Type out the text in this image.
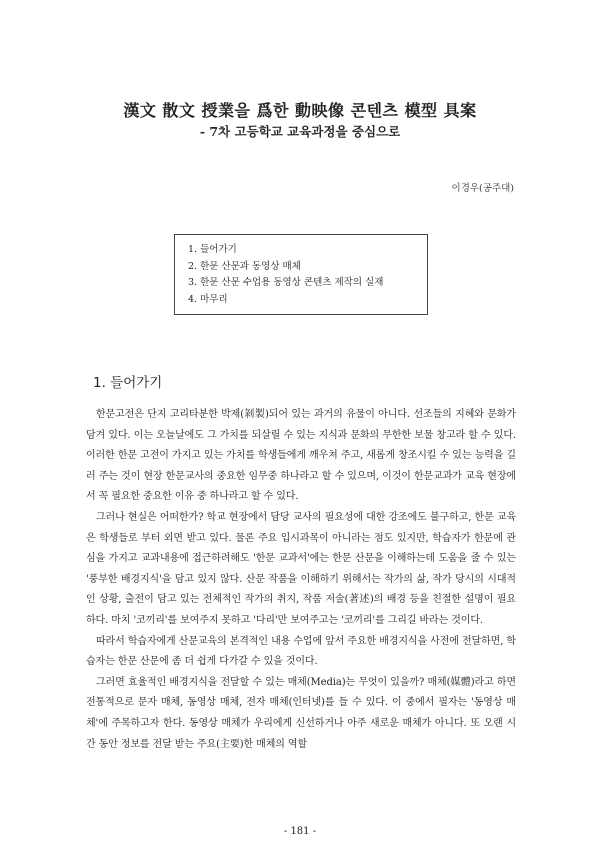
漢文 散文 授業을 爲한 動映像 콘텐츠 模型 具案
- 7차 고등학교 교육과정을 중심으로
이경우(공주대)
1. 들어가기
2. 한문 산문과 동영상 매체
3. 한문 산문 수업용 동영상 콘텐츠 제작의 실재
4. 마무리
1. 들어가기

한문고전은 단지 고리타분한 박제(剝製)되어 있는 과거의 유물이 아니다. 선조들의 지혜와 문화가 담겨 있다. 이는 오늘날에도 그 가치를 되살릴 수 있는 지식과 문화의 무한한 보물 창고라 할 수 있다. 이러한 한문 고전이 가지고 있는 가치를 학생들에게 깨우쳐 주고, 새롭게 창조시킬 수 있는 능력을 길러 주는 것이 현장 한문교사의 중요한 임무중 하나라고 할 수 있으며, 이것이 한문교과가 교육 현장에서 꼭 필요한 중요한 이유 중 하나라고 할 수 있다.

그러나 현실은 어떠한가? 학교 현장에서 담당 교사의 필요성에 대한 강조에도 불구하고, 한문 교육은 학생들로 부터 외면 받고 있다. 물론 주요 입시과목이 아니라는 점도 있지만, 학습자가 한문에 관심을 가지고 교과내용에 접근하려해도 '한문 교과서'에는 한문 산문을 이해하는데 도움을 줄 수 있는 '풍부한 배경지식'을 담고 있지 않다. 산문 작품을 이해하기 위해서는 작가의 삶, 작가 당시의 시대적인 상황, 출전이 담고 있는 전체적인 작가의 취지, 작품 저술(著述)의 배경 등을 친절한 설명이 필요하다. 마치 '코끼리'를 보여주지 못하고 '다리'만 보여주고는 '코끼리'를 그리길 바라는 것이다.

따라서 학습자에게 산문교육의 본격적인 내용 수업에 앞서 주요한 배경지식을 사전에 전달하면, 학습자는 한문 산문에 좀 더 쉽게 다가갈 수 있을 것이다.

그러면 효율적인 배경지식을 전달할 수 있는 매체(Media)는 무엇이 있을까? 매체(媒體)라고 하면 전통적으로 문자 매체, 동영상 매체, 전자 매체(인터넷)를 들 수 있다. 이 중에서 필자는 '동영상 매체'에 주목하고자 한다. 동영상 매체가 우리에게 신선하거나 아주 새로운 매체가 아니다. 또 오랜 시간 동안 정보를 전달 받는 주요(主要)한 매체의 역할

- 181 -
